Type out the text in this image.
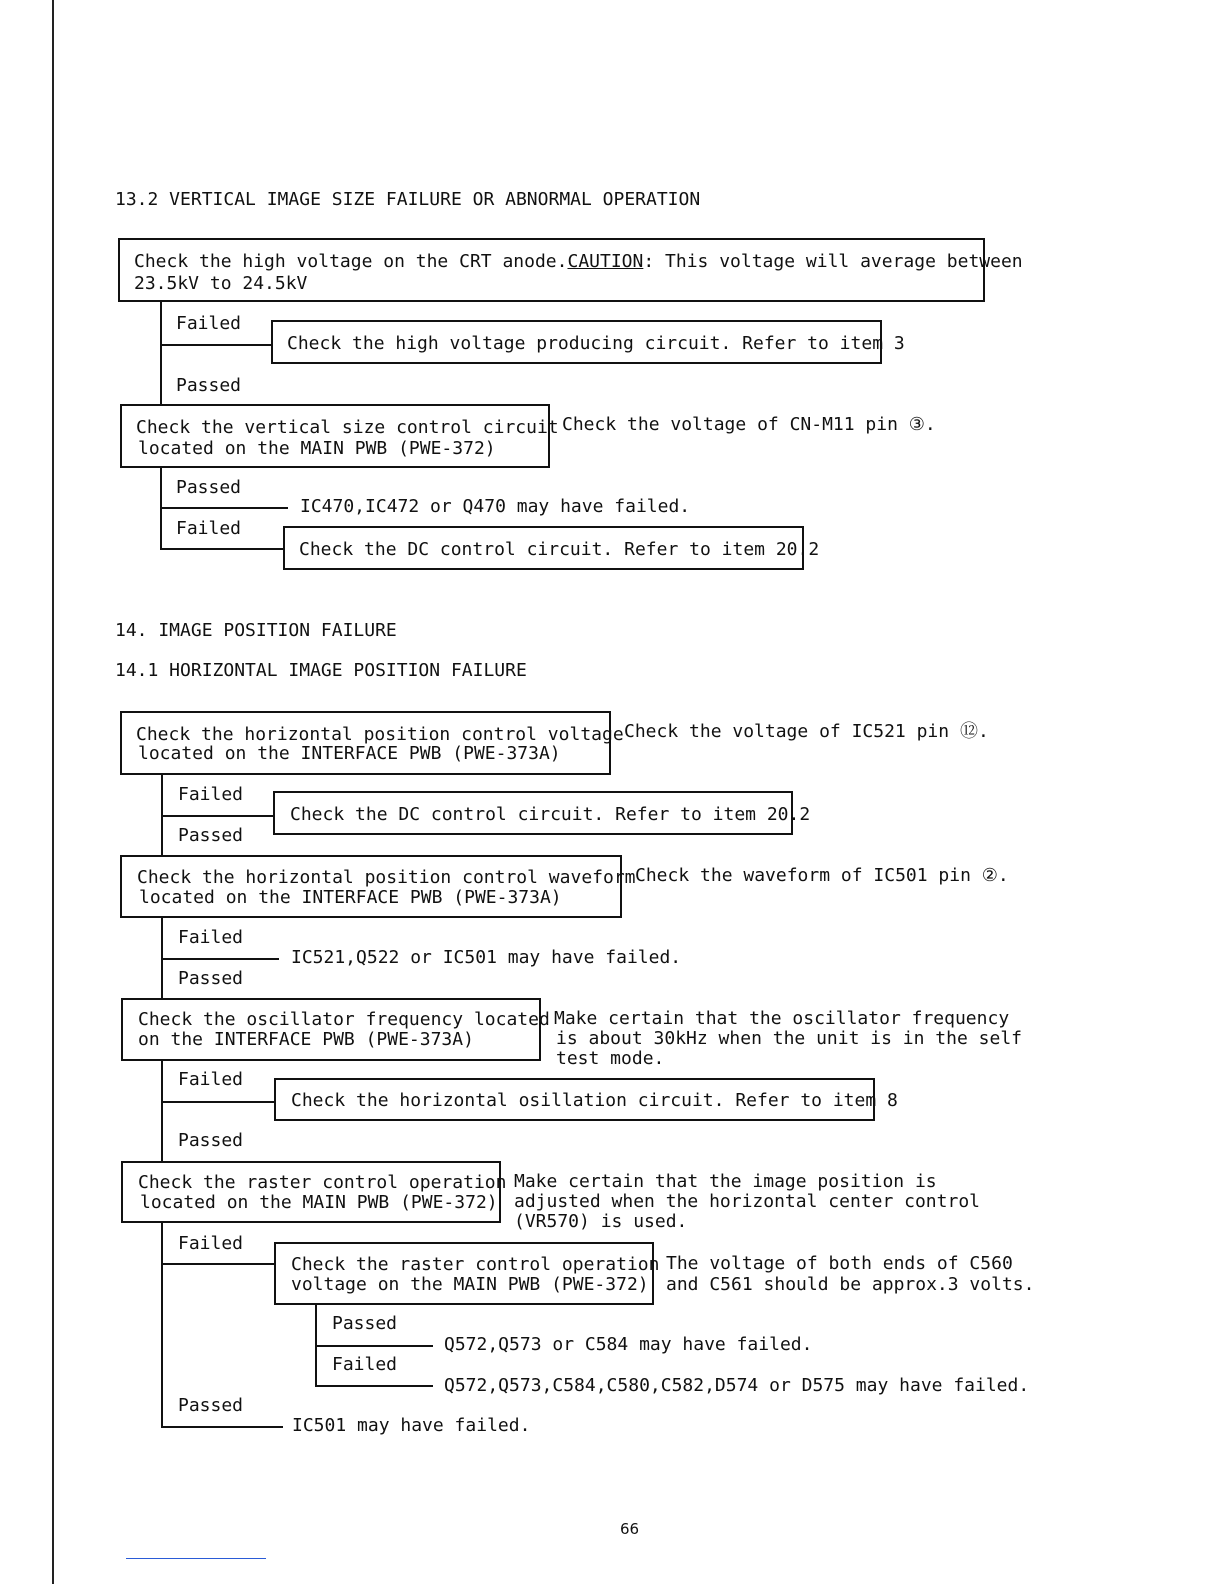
13.2 VERTICAL IMAGE SIZE FAILURE OR ABNORMAL OPERATION
Check the high voltage on the CRT anode.CAUTION: This voltage will average between
23.5kV to 24.5kV
Failed
Check the high voltage producing circuit. Refer to item 3
Passed
Check the vertical size control circuit
located on the MAIN PWB (PWE-372)
Check the voltage of CN-M11 pin ③.
Passed
IC470,IC472 or Q470 may have failed.
Failed
Check the DC control circuit. Refer to item 20.2
14. IMAGE POSITION FAILURE
14.1 HORIZONTAL IMAGE POSITION FAILURE
Check the horizontal position control voltage
located on the INTERFACE PWB (PWE-373A)
Check the voltage of IC521 pin ⑫.
Failed
Check the DC control circuit. Refer to item 20.2
Passed
Check the horizontal position control waveform
located on the INTERFACE PWB (PWE-373A)
Check the waveform of IC501 pin ②.
Failed
IC521,Q522 or IC501 may have failed.
Passed
Check the oscillator frequency located
on the INTERFACE PWB (PWE-373A)
Make certain that the oscillator frequency
is about 30kHz when the unit is in the self
test mode.
Failed
Check the horizontal osillation circuit. Refer to item 8
Passed
Check the raster control operation
located on the MAIN PWB (PWE-372)
Make certain that the image position is
adjusted when the horizontal center control
(VR570) is used.
Failed
Check the raster control operation
voltage on the MAIN PWB (PWE-372)
The voltage of both ends of C560
and C561 should be approx.3 volts.
Passed
Q572,Q573 or C584 may have failed.
Failed
Q572,Q573,C584,C580,C582,D574 or D575 may have failed.
Passed
IC501 may have failed.
66
